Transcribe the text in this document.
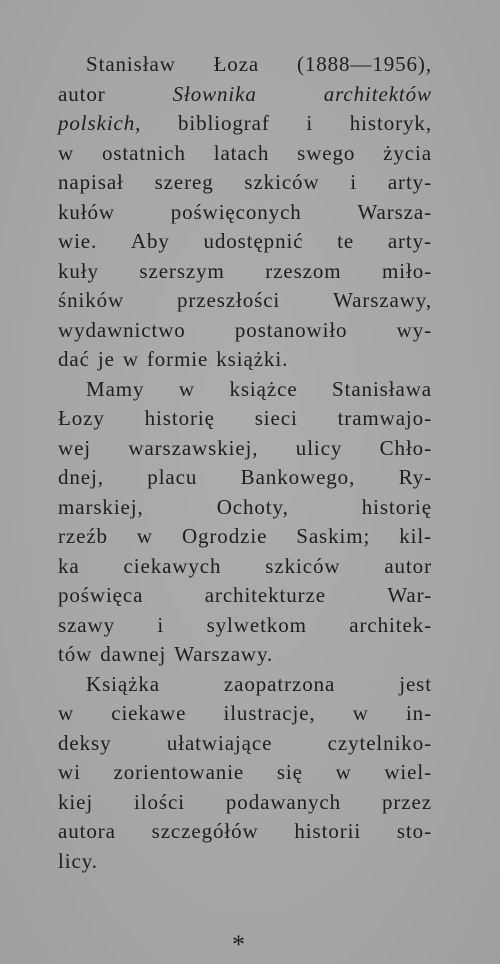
Stanisław Łoza (1888—1956),
autor	Słownika	architektów
polskich, bibliograf i historyk,
w ostatnich latach swego życia
napisał szereg szkiców i arty-
kułów	poświęconych	Warsza-
wie. Aby udostępnić te arty-
kuły szerszym rzeszom miło-
śników	przeszłości	Warszawy,
wydawnictwo postanowiło wy-
dać je w formie książki.
Mamy w książce Stanisława
Łozy historię sieci tramwajo-
wej warszawskiej, ulicy Chło-
dnej, placu Bankowego, Ry-
marskiej,	Ochoty,	historię
rzeźb w Ogrodzie Saskim; kil-
ka ciekawych szkiców autor
poświęca	architekturze	War-
szawy i sylwetkom architek-
tów dawnej Warszawy.
Książka	zaopatrzona	jest
w ciekawe ilustracje, w in-
deksy	ułatwiające	czytelniko-
wi zorientowanie się w wiel-
kiej ilości podawanych przez
autora szczegółów historii sto-
licy.
*
